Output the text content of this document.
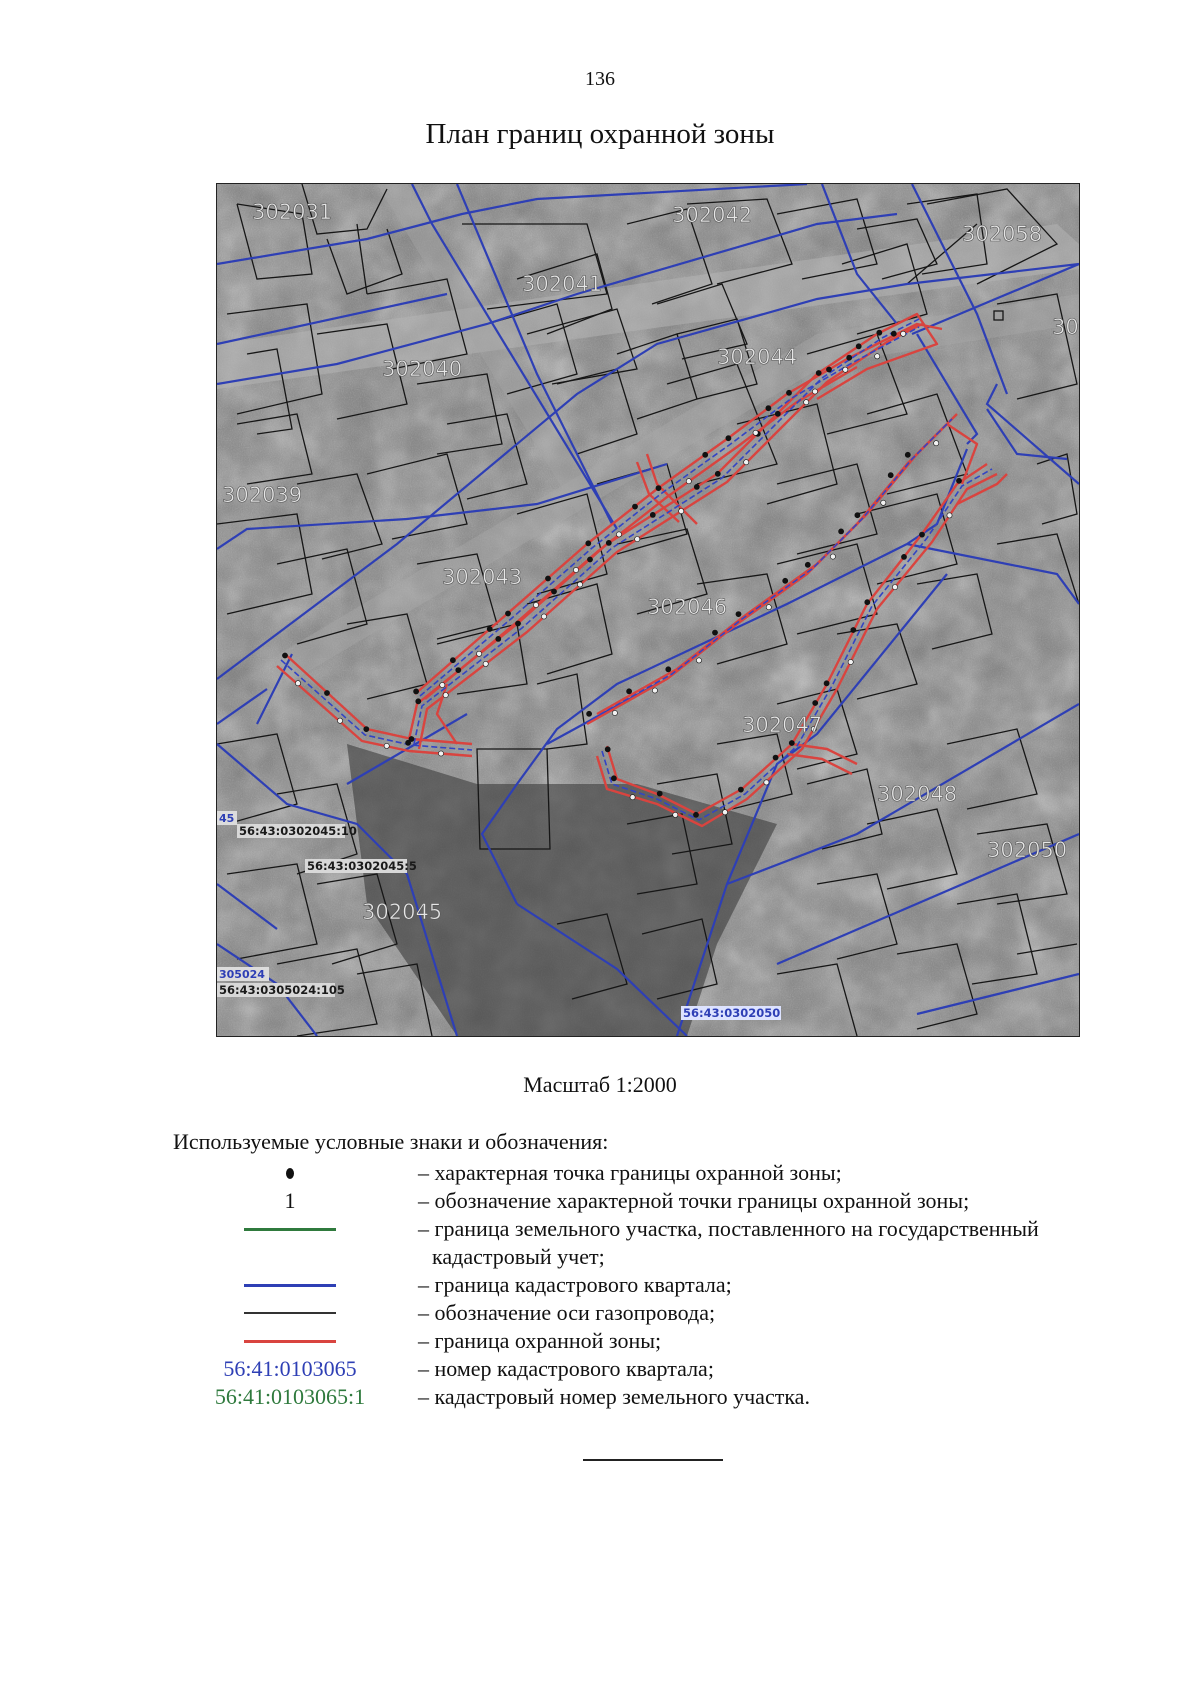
136
План границ охранной зоны
302031	302042
302058
302041
302044
30
302040
302039
302043
302046
302047
302048
302050
302045
45
305024
56:43:0302045:10
56:43:0302045:5
56:43:0305024:105
56:43:0302050
Масштаб 1:2000
Используемые условные знаки и обозначения:
– характерная точка границы охранной зоны;
1	– обозначение характерной точки границы охранной зоны;
– граница земельного участка, поставленного на государственный
кадастровый учет;
– граница кадастрового квартала;
– обозначение оси газопровода;
– граница охранной зоны;
56:41:0103065	– номер кадастрового квартала;
56:41:0103065:1	– кадастровый номер земельного участка.
